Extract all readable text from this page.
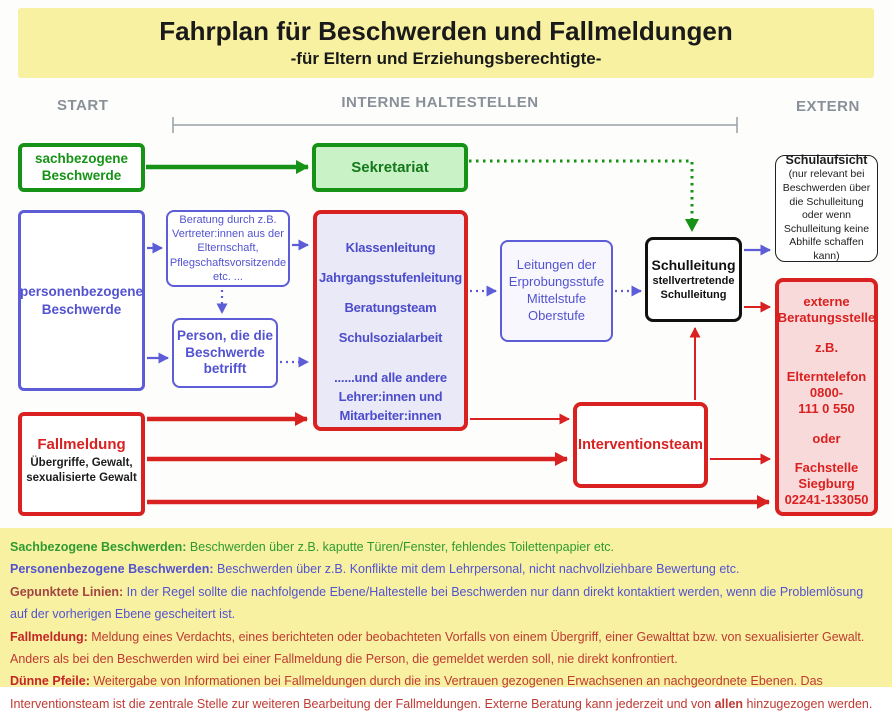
Fahrplan für Beschwerden und Fallmeldungen
-für Eltern und Erziehungsberechtigte-
START	INTERNE HALTESTELLEN	EXTERN
sachbezogene
Beschwerde	Sekretariat	Schulaufsicht
(nur relevant bei Beschwerden über die Schulleitung oder wenn Schulleitung keine Abhilfe schaffen kann)
personenbezogene
Beschwerde
Beratung durch z.B. Vertreter:innen aus der Elternschaft, Pflegschaftsvorsitzende etc. ...
Person, die die Beschwerde betrifft
Klassenleitung
Jahrgangsstufenleitung
Beratungsteam
Schulsozialarbeit
......und alle andere
Lehrer:innen und
Mitarbeiter:innen
Leitungen der Erprobungsstufe Mittelstufe Oberstufe
Schulleitung
stellvertretende Schulleitung	externe
Beratungsstelle
z.B.
Elterntelefon
0800-
111 0 550
oder
Fachstelle
Siegburg
02241-133050
Interventionsteam
Fallmeldung
Übergriffe, Gewalt,
sexualisierte Gewalt

Sachbezogene Beschwerden: Beschwerden über z.B. kaputte Türen/Fenster, fehlendes Toilettenpapier etc.

Personenbezogene Beschwerden: Beschwerden über z.B. Konflikte mit dem Lehrpersonal, nicht nachvollziehbare Bewertung etc.

Gepunktete Linien: In der Regel sollte die nachfolgende Ebene/Haltestelle bei Beschwerden nur dann direkt kontaktiert werden, wenn die Problemlösung
auf der vorherigen Ebene gescheitert ist.

Fallmeldung: Meldung eines Verdachts, eines berichteten oder beobachteten Vorfalls von einem Übergriff, einer Gewalttat bzw. von sexualisierter Gewalt.
Anders als bei den Beschwerden wird bei einer Fallmeldung die Person, die gemeldet werden soll, nie direkt konfrontiert.

Dünne Pfeile: Weitergabe von Informationen bei Fallmeldungen durch die ins Vertrauen gezogenen Erwachsenen an nachgeordnete Ebenen. Das
Interventionsteam ist die zentrale Stelle zur weiteren Bearbeitung der Fallmeldungen. Externe Beratung kann jederzeit und von allen hinzugezogen werden.
